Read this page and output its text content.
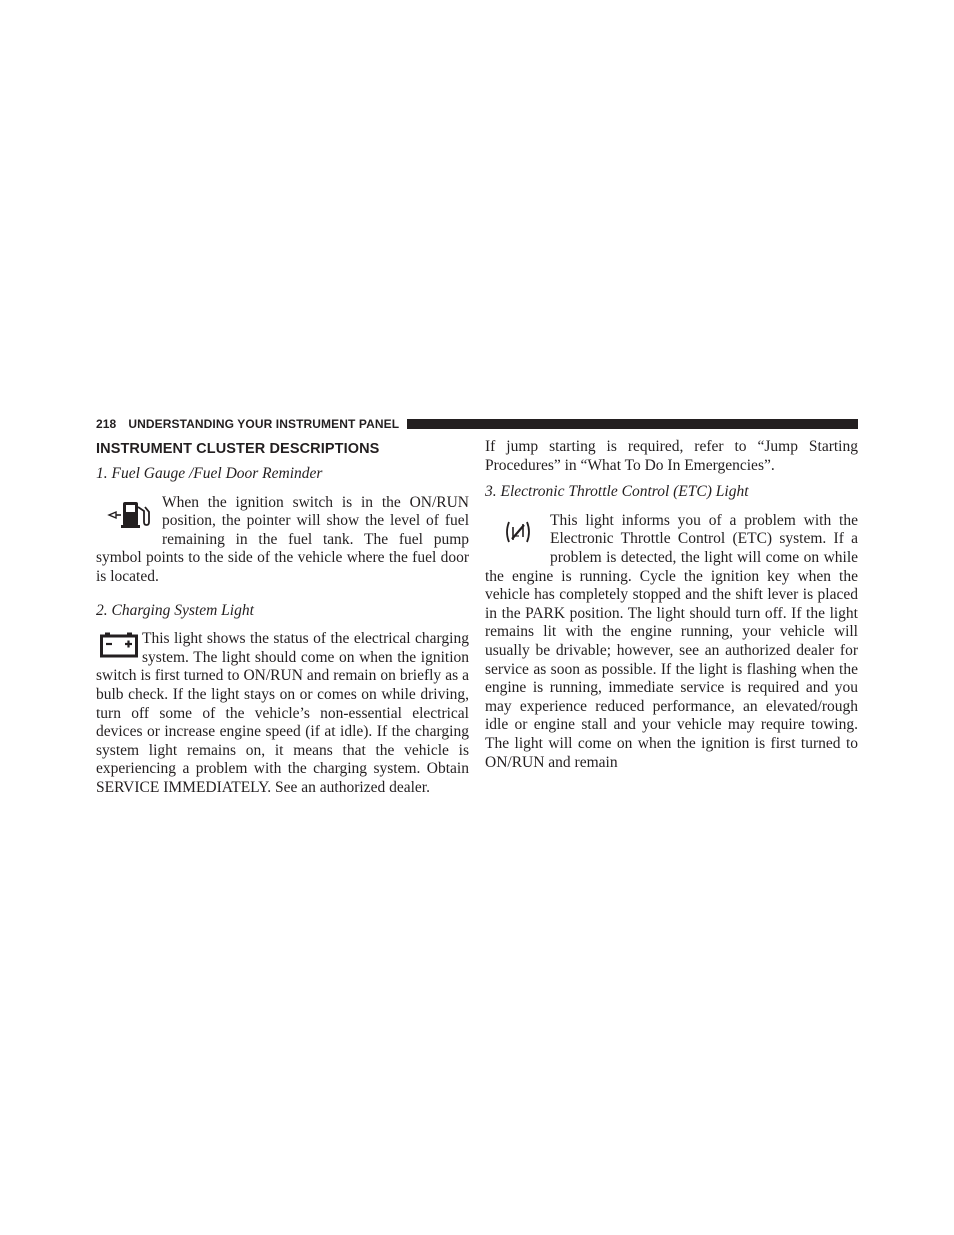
218 UNDERSTANDING YOUR INSTRUMENT PANEL
INSTRUMENT CLUSTER DESCRIPTIONS
1. Fuel Gauge /Fuel Door Reminder

When the ignition switch is in the ON/RUN position, the pointer will show the level of fuel remaining in the fuel tank. The fuel pump symbol points to the side of the vehicle where the fuel door is located.

2. Charging System Light

This light shows the status of the electrical charging system. The light should come on when the ignition switch is first turned to ON/RUN and remain on briefly as a bulb check. If the light stays on or comes on while driving, turn off some of the vehicle’s non-essential electrical devices or increase engine speed (if at idle). If the charging system light remains on, it means that the vehicle is experiencing a problem with the charging system. Obtain SERVICE IMMEDIATELY. See an authorized dealer.

If jump starting is required, refer to “Jump Starting Procedures” in “What To Do In Emergencies”.

3. Electronic Throttle Control (ETC) Light

This light informs you of a problem with the Electronic Throttle Control (ETC) system. If a problem is detected, the light will come on while the engine is running. Cycle the ignition key when the vehicle has completely stopped and the shift lever is placed in the PARK position. The light should turn off. If the light remains lit with the engine running, your vehicle will usually be drivable; however, see an authorized dealer for service as soon as possible. If the light is flashing when the engine is running, immediate service is required and you may experience reduced performance, an elevated/rough idle or engine stall and your vehicle may require towing. The light will come on when the ignition is first turned to ON/RUN and remain
